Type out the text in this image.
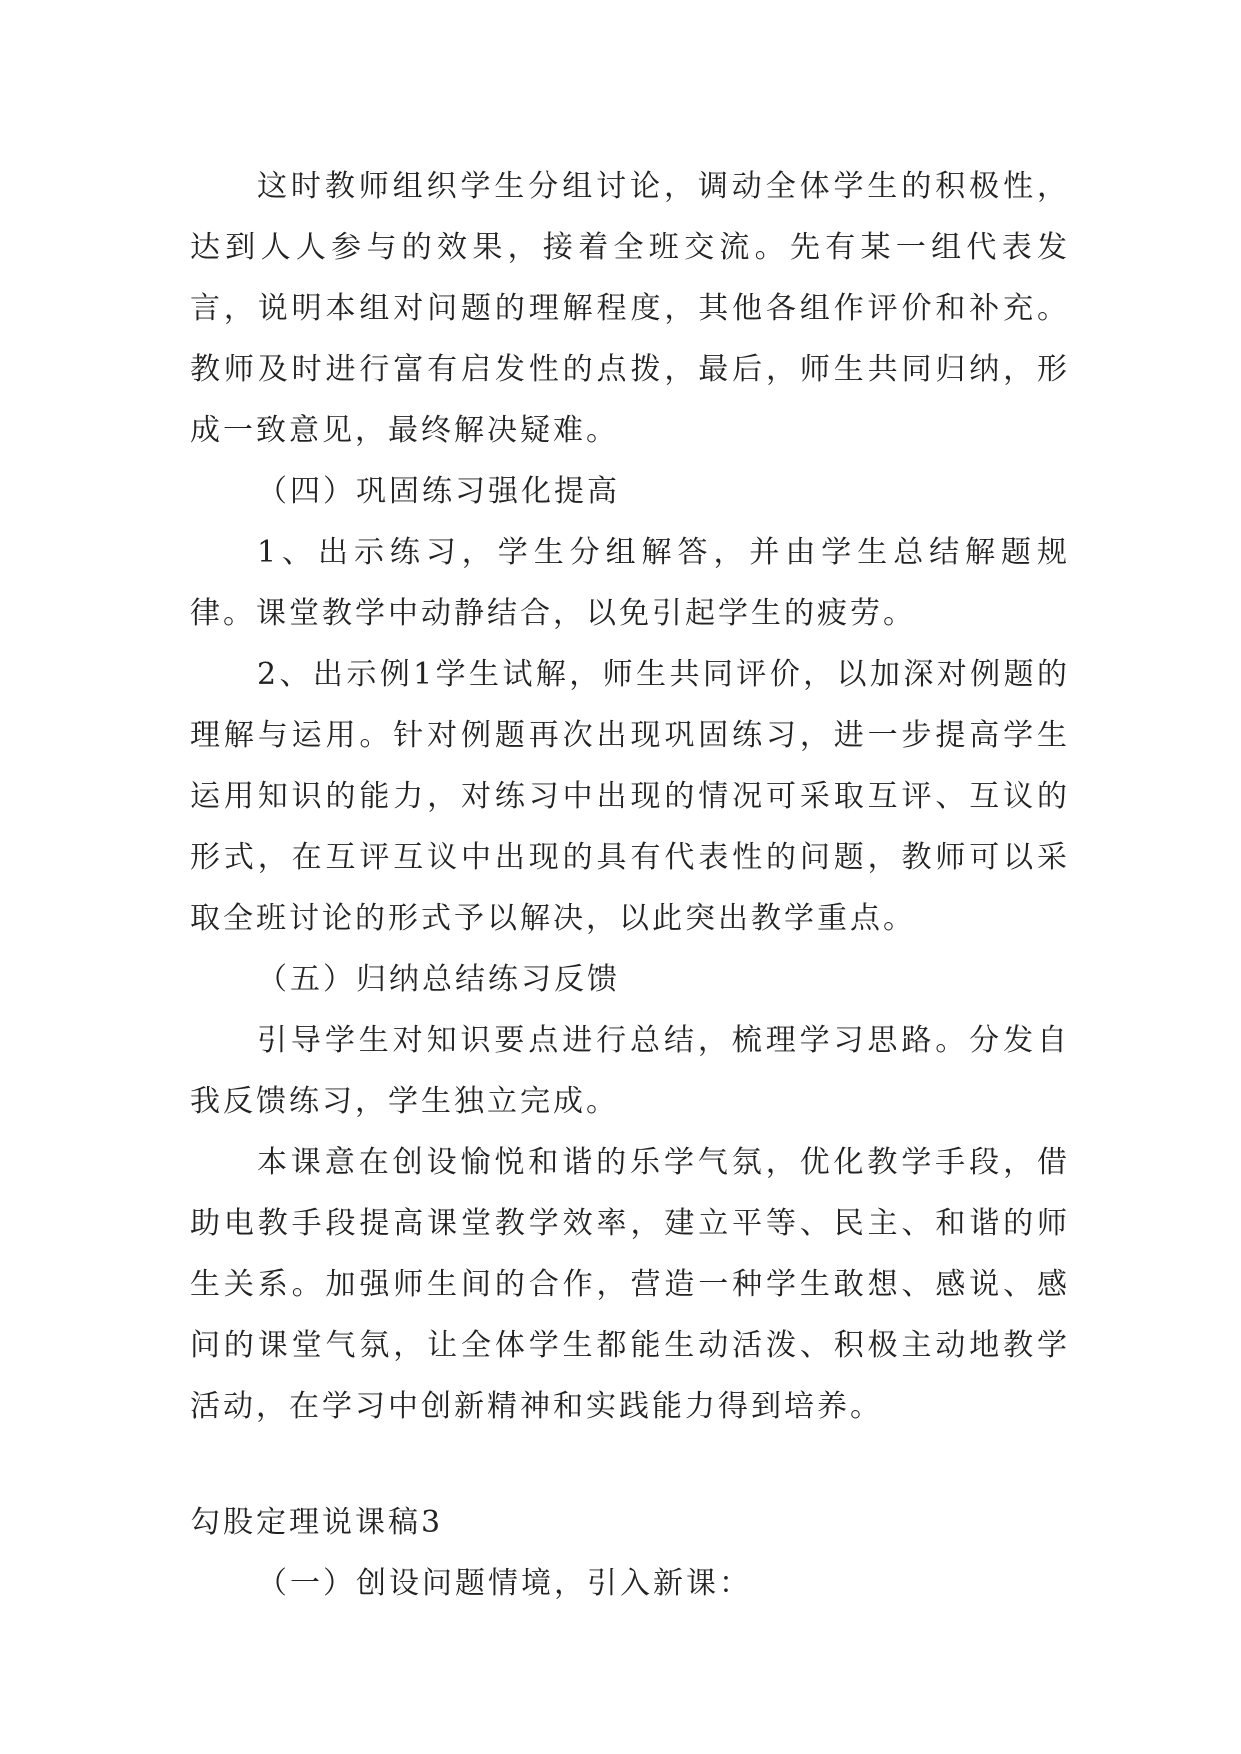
这时教师组织学生分组讨论，调动全体学生的积极性，达到人人参与的效果，接着全班交流。先有某一组代表发言，说明本组对问题的理解程度，其他各组作评价和补充。教师及时进行富有启发性的点拨，最后，师生共同归纳，形成一致意见，最终解决疑难。

（四）巩固练习强化提高

1、出示练习，学生分组解答，并由学生总结解题规律。课堂教学中动静结合，以免引起学生的疲劳。

2、出示例1学生试解，师生共同评价，以加深对例题的理解与运用。针对例题再次出现巩固练习，进一步提高学生运用知识的能力，对练习中出现的情况可采取互评、互议的形式，在互评互议中出现的具有代表性的问题，教师可以采取全班讨论的形式予以解决，以此突出教学重点。

（五）归纳总结练习反馈

引导学生对知识要点进行总结，梳理学习思路。分发自我反馈练习，学生独立完成。

本课意在创设愉悦和谐的乐学气氛，优化教学手段，借助电教手段提高课堂教学效率，建立平等、民主、和谐的师生关系。加强师生间的合作，营造一种学生敢想、感说、感问的课堂气氛，让全体学生都能生动活泼、积极主动地教学活动，在学习中创新精神和实践能力得到培养。

勾股定理说课稿3

（一）创设问题情境，引入新课：
